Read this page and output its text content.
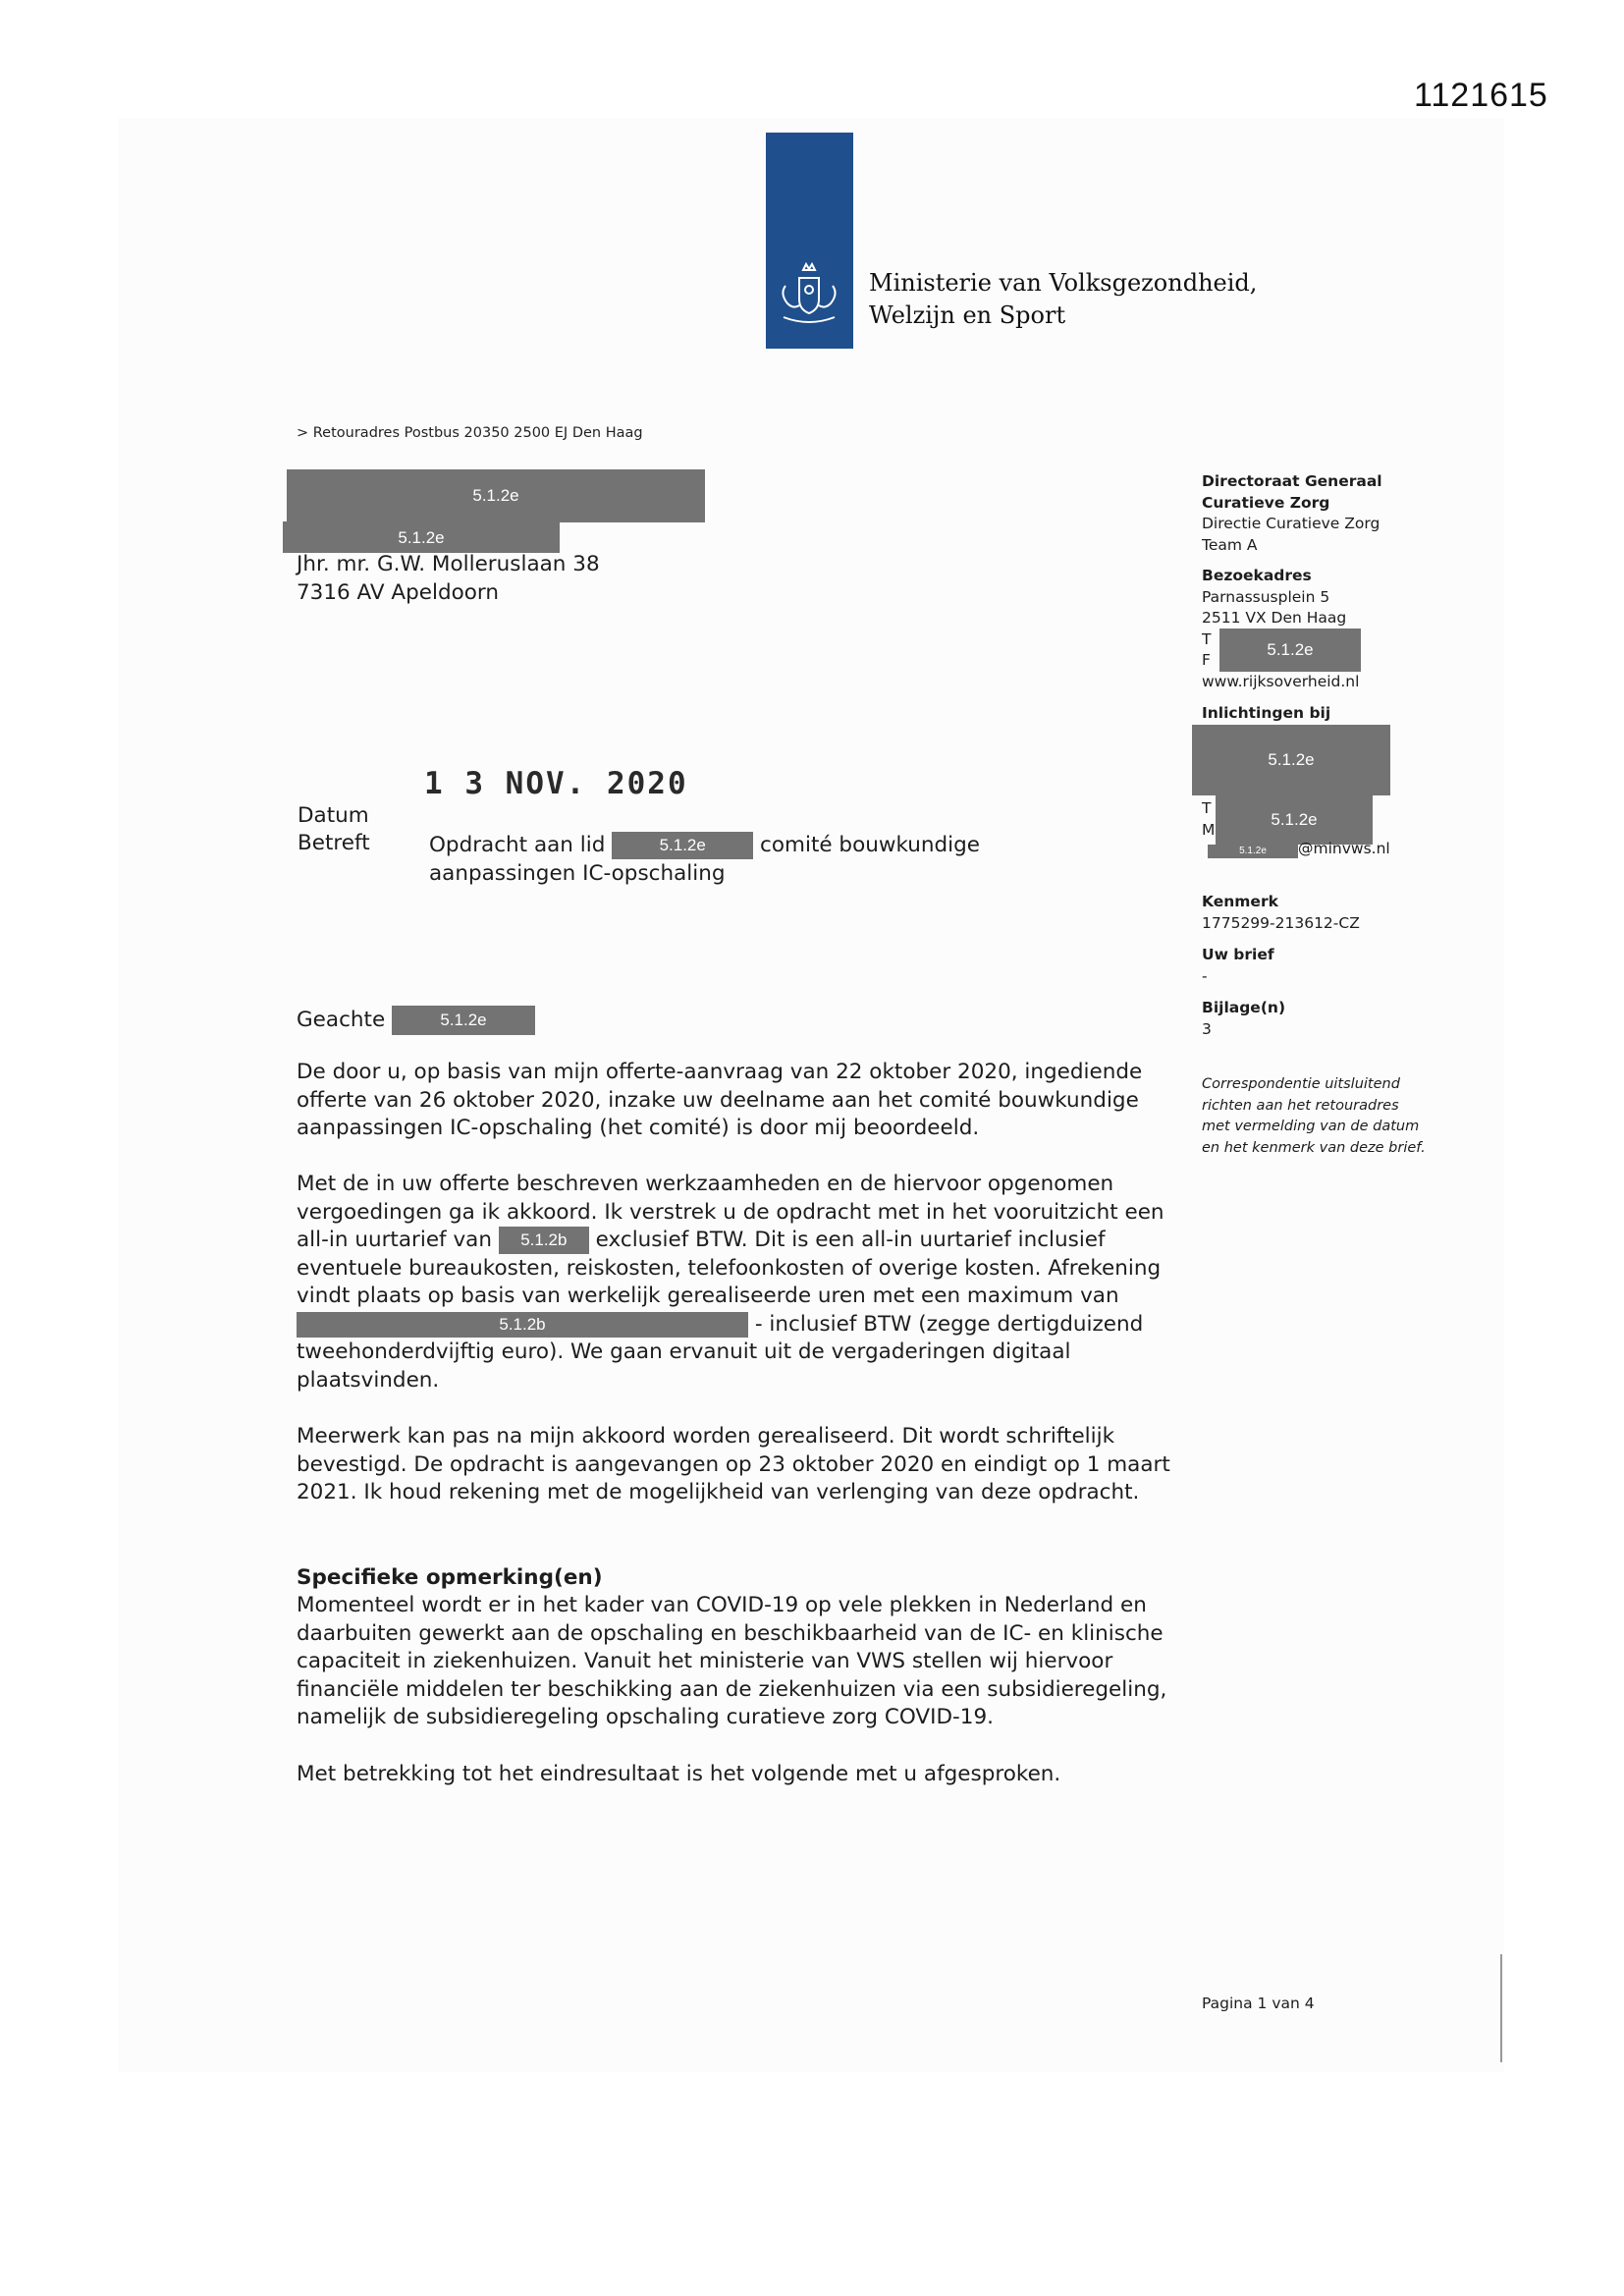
1121615
Ministerie van Volksgezondheid,
Welzijn en Sport
> Retouradres Postbus 20350 2500 EJ Den Haag
5.1.2e
5.1.2e
Jhr. mr. G.W. Molleruslaan 38
7316 AV Apeldoorn
1 3 NOV. 2020
Datum
Betreft	Opdracht aan lid	5.1.2e	comité bouwkundige
aanpassingen IC-opschaling
Geachte	5.1.2e
De door u, op basis van mijn offerte-aanvraag van 22 oktober 2020, ingediende offerte van 26 oktober 2020, inzake uw deelname aan het comité bouwkundige aanpassingen IC-opschaling (het comité) is door mij beoordeeld.
Met de in uw offerte beschreven werkzaamheden en de hiervoor opgenomen vergoedingen ga ik akkoord. Ik verstrek u de opdracht met in het vooruitzicht een all-in uurtarief van 5.1.2b exclusief BTW. Dit is een all-in uurtarief inclusief eventuele bureaukosten, reiskosten, telefoonkosten of overige kosten. Afrekening vindt plaats op basis van werkelijk gerealiseerde uren met een maximum van 5.1.2b	- inclusief BTW (zegge dertigduizend tweehonderdvijftig euro). We gaan ervanuit uit de vergaderingen digitaal plaatsvinden.
Meerwerk kan pas na mijn akkoord worden gerealiseerd. Dit wordt schriftelijk bevestigd. De opdracht is aangevangen op 23 oktober 2020 en eindigt op 1 maart 2021. Ik houd rekening met de mogelijkheid van verlenging van deze opdracht.
Specifieke opmerking(en)
Momenteel wordt er in het kader van COVID-19 op vele plekken in Nederland en daarbuiten gewerkt aan de opschaling en beschikbaarheid van de IC- en klinische capaciteit in ziekenhuizen. Vanuit het ministerie van VWS stellen wij hiervoor financiële middelen ter beschikking aan de ziekenhuizen via een subsidieregeling, namelijk de subsidieregeling opschaling curatieve zorg COVID-19.
Met betrekking tot het eindresultaat is het volgende met u afgesproken.
Directoraat Generaal
Curatieve Zorg
Directie Curatieve Zorg
Team A
Bezoekadres
Parnassusplein 5
2511 VX Den Haag
T
F
www.rijksoverheid.nl
5.1.2e
Inlichtingen bij
5.1.2e
T
M
5.1.2e
5.1.2e	@minvws.nl
Kenmerk
1775299-213612-CZ
Uw brief
-
Bijlage(n)
3
Correspondentie uitsluitend richten aan het retouradres met vermelding van de datum en het kenmerk van deze brief.
Pagina 1 van 4
